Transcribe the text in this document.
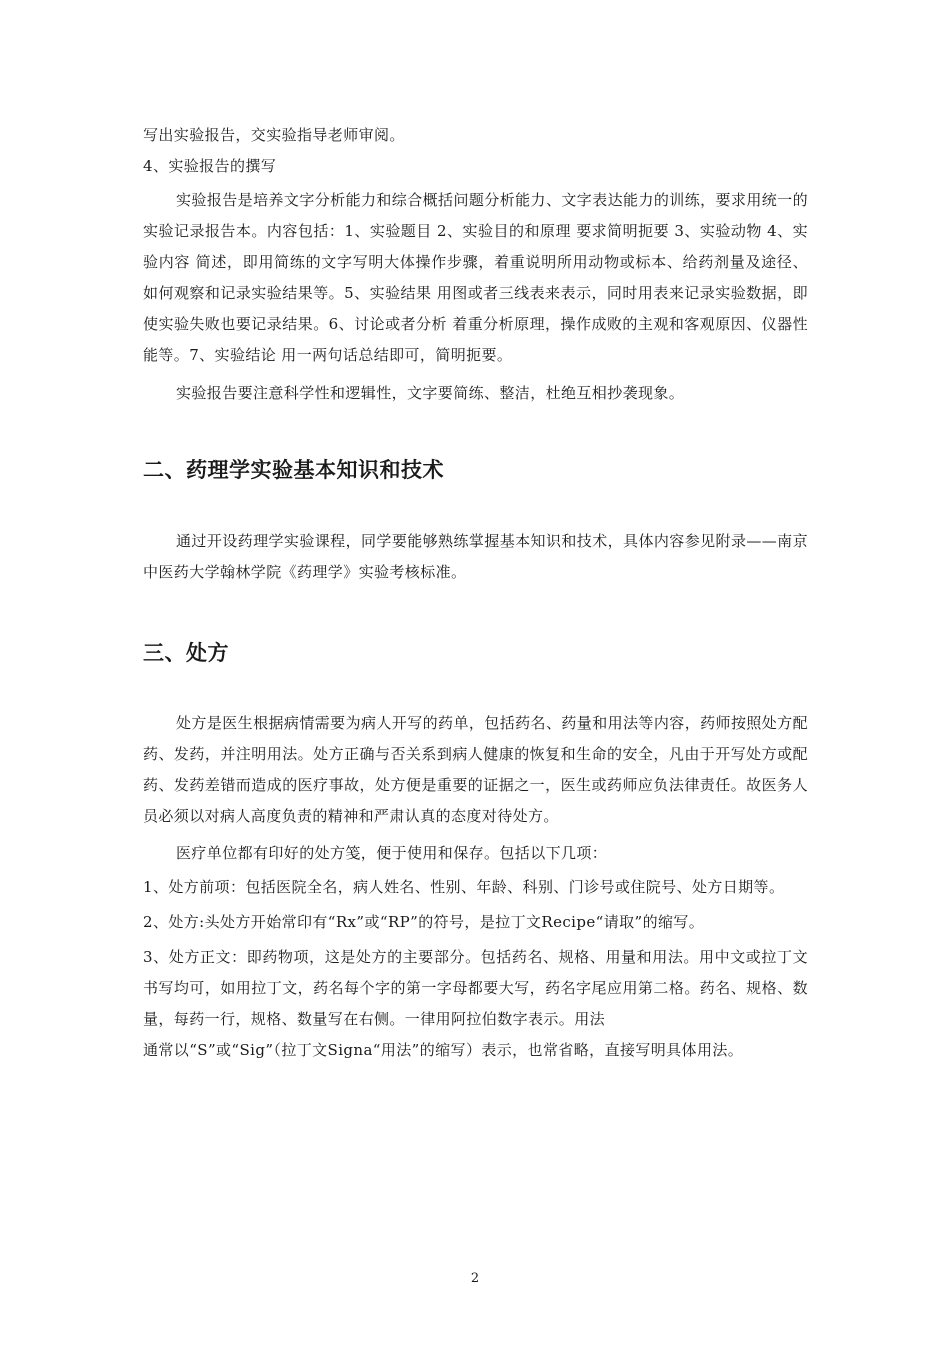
写出实验报告，交实验指导老师审阅。

4、实验报告的撰写

实验报告是培养文字分析能力和综合概括问题分析能力、文字表达能力的训练，要求用统一的实验记录报告本。内容包括：1、实验题目 2、实验目的和原理 要求简明扼要 3、实验动物 4、实验内容 简述，即用简练的文字写明大体操作步骤，着重说明所用动物或标本、给药剂量及途径、如何观察和记录实验结果等。5、实验结果 用图或者三线表来表示，同时用表来记录实验数据，即使实验失败也要记录结果。6、讨论或者分析 着重分析原理，操作成败的主观和客观原因、仪器性能等。7、实验结论 用一两句话总结即可，简明扼要。

实验报告要注意科学性和逻辑性，文字要简练、整洁，杜绝互相抄袭现象。

二、药理学实验基本知识和技术

通过开设药理学实验课程，同学要能够熟练掌握基本知识和技术，具体内容参见附录——南京中医药大学翰林学院《药理学》实验考核标准。

三、处方

处方是医生根据病情需要为病人开写的药单，包括药名、药量和用法等内容，药师按照处方配药、发药，并注明用法。处方正确与否关系到病人健康的恢复和生命的安全，凡由于开写处方或配药、发药差错而造成的医疗事故，处方便是重要的证据之一，医生或药师应负法律责任。故医务人员必须以对病人高度负责的精神和严肃认真的态度对待处方。

医疗单位都有印好的处方笺，便于使用和保存。包括以下几项：

1、处方前项：包括医院全名，病人姓名、性别、年龄、科别、门诊号或住院号、处方日期等。

2、处方:头处方开始常印有“Rx”或“RP”的符号，是拉丁文Recipe“请取”的缩写。

3、处方正文：即药物项，这是处方的主要部分。包括药名、规格、用量和用法。用中文或拉丁文书写均可，如用拉丁文，药名每个字的第一字母都要大写，药名字尾应用第二格。药名、规格、数量，每药一行，规格、数量写在右侧。一律用阿拉伯数字表示。用法

通常以“S”或“Sig”（拉丁文Signa“用法”的缩写）表示，也常省略，直接写明具体用法。

2
